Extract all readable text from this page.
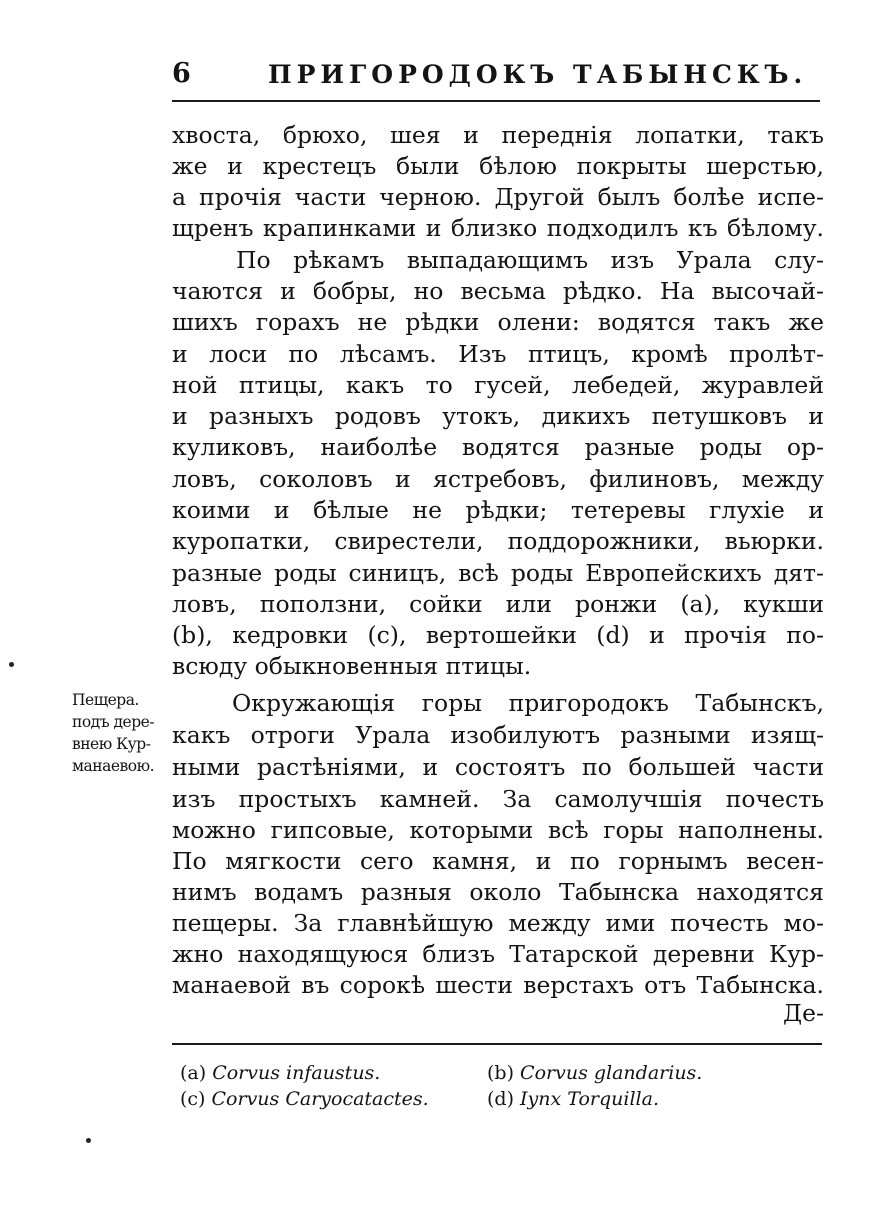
6	ПРИГОРОДОКЪ ТАБЫНСКЪ.
хвоста, брюхо, шея и переднія лопатки, такъ
же и крестецъ были бѣлою покрыты шерстью,
а прочія части черною. Другой былъ болѣе испе-
щренъ крапинками и близко подходилъ къ бѣлому.
По рѣкамъ выпадающимъ изъ Урала слу-
чаются и бобры, но весьма рѣдко. На высочай-
шихъ горахъ не рѣдки олени: водятся такъ же
и лоси по лѣсамъ. Изъ птицъ, кромѣ пролѣт-
ной птицы, какъ то гусей, лебедей, журавлей
и разныхъ родовъ утокъ, дикихъ петушковъ и
куликовъ, наиболѣе водятся разные роды ор-
ловъ, соколовъ и ястребовъ, филиновъ, между
коими и бѣлые не рѣдки; тетеревы глухіе и
куропатки, свирестели, поддорожники, вьюрки.
разные роды синицъ, всѣ роды Европейскихъ дят-
ловъ, поползни, сойки или ронжи (a), кукши
(b), кедровки (c), вертошейки (d) и прочія по-
всюду обыкновенныя птицы.
Окружающія горы пригородокъ Табынскъ,
какъ отроги Урала изобилуютъ разными изящ-
ными растѣніями, и состоятъ по большей части
изъ простыхъ камней. За самолучшія почесть
можно гипсовые, которыми всѣ горы наполнены.
По мягкости сего камня, и по горнымъ весен-
нимъ водамъ разныя около Табынска находятся
пещеры. За главнѣйшую между ими почесть мо-
жно находящуюся близъ Татарской деревни Кур-
манаевой въ сорокѣ шести верстахъ отъ Табынска.
Де-
Пещера.
подъ дере-
внею Кур-
манаевою.
(a) Corvus infaustus.	(b) Corvus glandarius.
(c) Corvus Caryocatactes.	(d) Iynx Torquilla.
